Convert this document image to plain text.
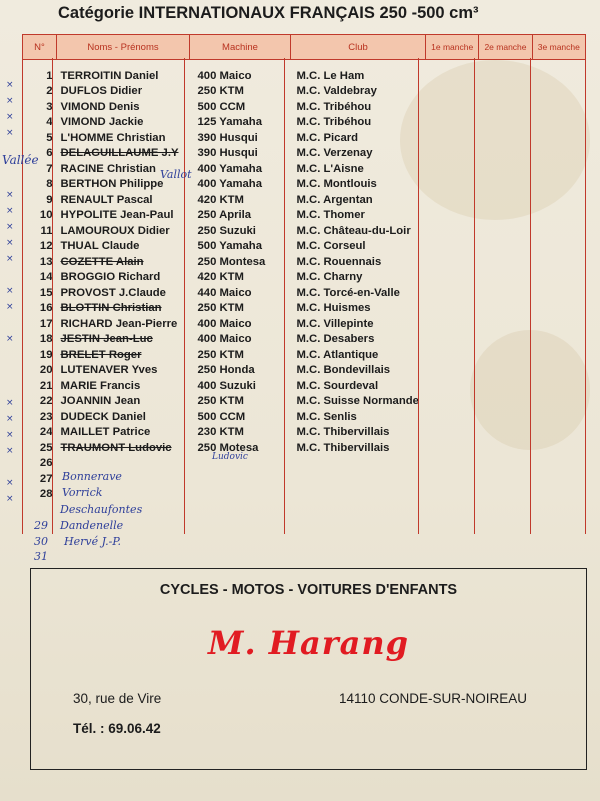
Catégorie INTERNATIONAUX FRANÇAIS 250 -500 cm³
N°	Noms - Prénoms	Machine	Club	1e manche	2e manche	3e manche
1	TERROITIN Daniel	400 Maico	M.C. Le Ham			
2	DUFLOS Didier	250 KTM	M.C. Valdebray			
3	VIMOND Denis	500 CCM	M.C. Tribéhou			
4	VIMOND Jackie	125 Yamaha	M.C. Tribéhou			
5	L'HOMME Christian	390 Husqui	M.C. Picard			
6	DELAGUILLAUME J.Y	390 Husqui	M.C. Verzenay			
7	RACINE Christian	400 Yamaha	M.C. L'Aisne			
8	BERTHON Philippe	400 Yamaha	M.C. Montlouis			
9	RENAULT Pascal	420 KTM	M.C. Argentan			
10	HYPOLITE Jean-Paul	250 Aprila	M.C. Thomer			
11	LAMOUROUX Didier	250 Suzuki	M.C. Château-du-Loir			
12	THUAL Claude	500 Yamaha	M.C. Corseul			
13	COZETTE Alain	250 Montesa	M.C. Rouennais			
14	BROGGIO Richard	420 KTM	M.C. Charny			
15	PROVOST J.Claude	440 Maico	M.C. Torcé-en-Valle			
16	BLOTTIN Christian	250 KTM	M.C. Huismes			
17	RICHARD Jean-Pierre	400 Maico	M.C. Villepinte			
18	JESTIN Jean-Luc	400 Maico	M.C. Desabers			
19	BRELET Roger	250 KTM	M.C. Atlantique			
20	LUTENAVER Yves	250 Honda	M.C. Bondevillais			
21	MARIE Francis	400 Suzuki	M.C. Sourdeval			
22	JOANNIN Jean	250 KTM	M.C. Suisse Normande			
23	DUDECK Daniel	500 CCM	M.C. Senlis			
24	MAILLET Patrice	230 KTM	M.C. Thibervillais			
25	TRAUMONT Ludovic	250 Motesa	M.C. Thibervillais			
26						
27						
28						
Vallée
Vallot
Ludovic
Bonnerave
Vorrick
Deschaufontes
29 Dandenelle
30 Hervé J.-P.
31
×
×
×
×
×
×
×
×
×
×
×
×
×
×
×
×
×
×
CYCLES - MOTOS - VOITURES D'ENFANTS
M. Harang
30, rue de Vire	14110 CONDE-SUR-NOIREAU
Tél. : 69.06.42
